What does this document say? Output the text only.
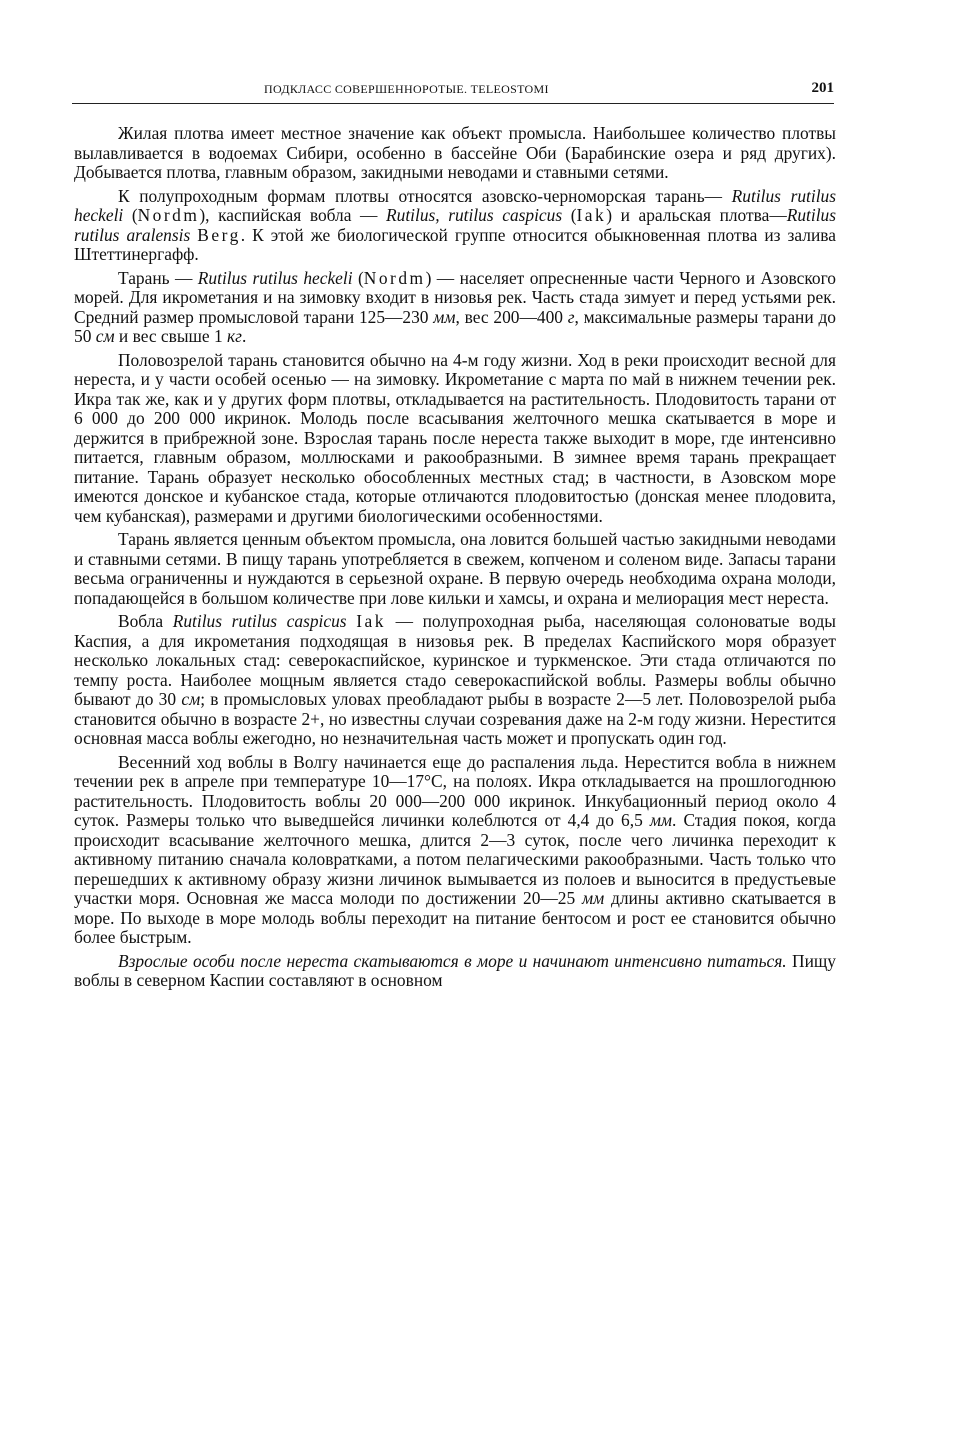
ПОДКЛАСС СОВЕРШЕННОРОТЫЕ. TELEOSTOMI	201

Жилая плотва имеет местное значение как объект промысла. Наибольшее количество плотвы вылавливается в водоемах Сибири, особенно в бассейне Оби (Барабинские озера и ряд других). Добывается плотва, главным образом, закидными неводами и ставными сетями.

К полупроходным формам плотвы относятся азовско-черноморская тарань— Rutilus rutilus heckeli (Nordm), каспийская вобла — Rutilus, rutilus caspicus (Iak) и аральская плотва—Rutilus rutilus aralensis Berg. К этой же биологической группе относится обыкновенная плотва из залива Штеттинергафф.

Тарань — Rutilus rutilus heckeli (Nordm) — населяет опресненные части Черного и Азовского морей. Для икрометания и на зимовку входит в низовья рек. Часть стада зимует и перед устьями рек. Средний размер промысловой тарани 125—230 мм, вес 200—400 г, максимальные размеры тарани до 50 см и вес свыше 1 кг.

Половозрелой тарань становится обычно на 4-м году жизни. Ход в реки происходит весной для нереста, и у части особей осенью — на зимовку. Икрометание с марта по май в нижнем течении рек. Икра так же, как и у других форм плотвы, откладывается на растительность. Плодовитость тарани от 6 000 до 200 000 икринок. Молодь после всасывания желточного мешка скатывается в море и держится в прибрежной зоне. Взрослая тарань после нереста также выходит в море, где интенсивно питается, главным образом, моллюсками и ракообразными. В зимнее время тарань прекращает питание. Тарань образует несколько обособленных местных стад; в частности, в Азовском море имеются донское и кубанское стада, которые отличаются плодовитостью (донская менее плодовита, чем кубанская), размерами и другими биологическими особенностями.

Тарань является ценным объектом промысла, она ловится большей частью закидными неводами и ставными сетями. В пищу тарань употребляется в свежем, копченом и соленом виде. Запасы тарани весьма ограниченны и нуждаются в серьезной охране. В первую очередь необходима охрана молоди, попадающейся в большом количестве при лове кильки и хамсы, и охрана и мелиорация мест нереста.

Вобла Rutilus rutilus caspicus Iak — полупроходная рыба, населяющая солоноватые воды Каспия, а для икрометания подходящая в низовья рек. В пределах Каспийского моря образует несколько локальных стад: северокаспийское, куринское и туркменское. Эти стада отличаются по темпу роста. Наиболее мощным является стадо северокаспийской воблы. Размеры воблы обычно бывают до 30 см; в промысловых уловах преобладают рыбы в возрасте 2—5 лет. Половозрелой рыба становится обычно в возрасте 2+, но известны случаи созревания даже на 2-м году жизни. Нерестится основная масса воблы ежегодно, но незначительная часть может и пропускать один год.

Весенний ход воблы в Волгу начинается еще до распаления льда. Нерестится вобла в нижнем течении рек в апреле при температуре 10—17°С, на полоях. Икра откладывается на прошлогоднюю растительность. Плодовитость воблы 20 000—200 000 икринок. Инкубационный период около 4 суток. Размеры только что выведшейся личинки колеблются от 4,4 до 6,5 мм. Стадия покоя, когда происходит всасывание желточного мешка, длится 2—3 суток, после чего личинка переходит к активному питанию сначала коловратками, а потом пелагическими ракообразными. Часть только что перешедших к активному образу жизни личинок вымывается из полоев и выносится в предустьевые участки моря. Основная же масса молоди по достижении 20—25 мм длины активно скатывается в море. По выходе в море молодь воблы переходит на питание бентосом и рост ее становится обычно более быстрым.

Взрослые особи после нереста скатываются в море и начинают интенсивно питаться. Пищу воблы в северном Каспии составляют в основном
